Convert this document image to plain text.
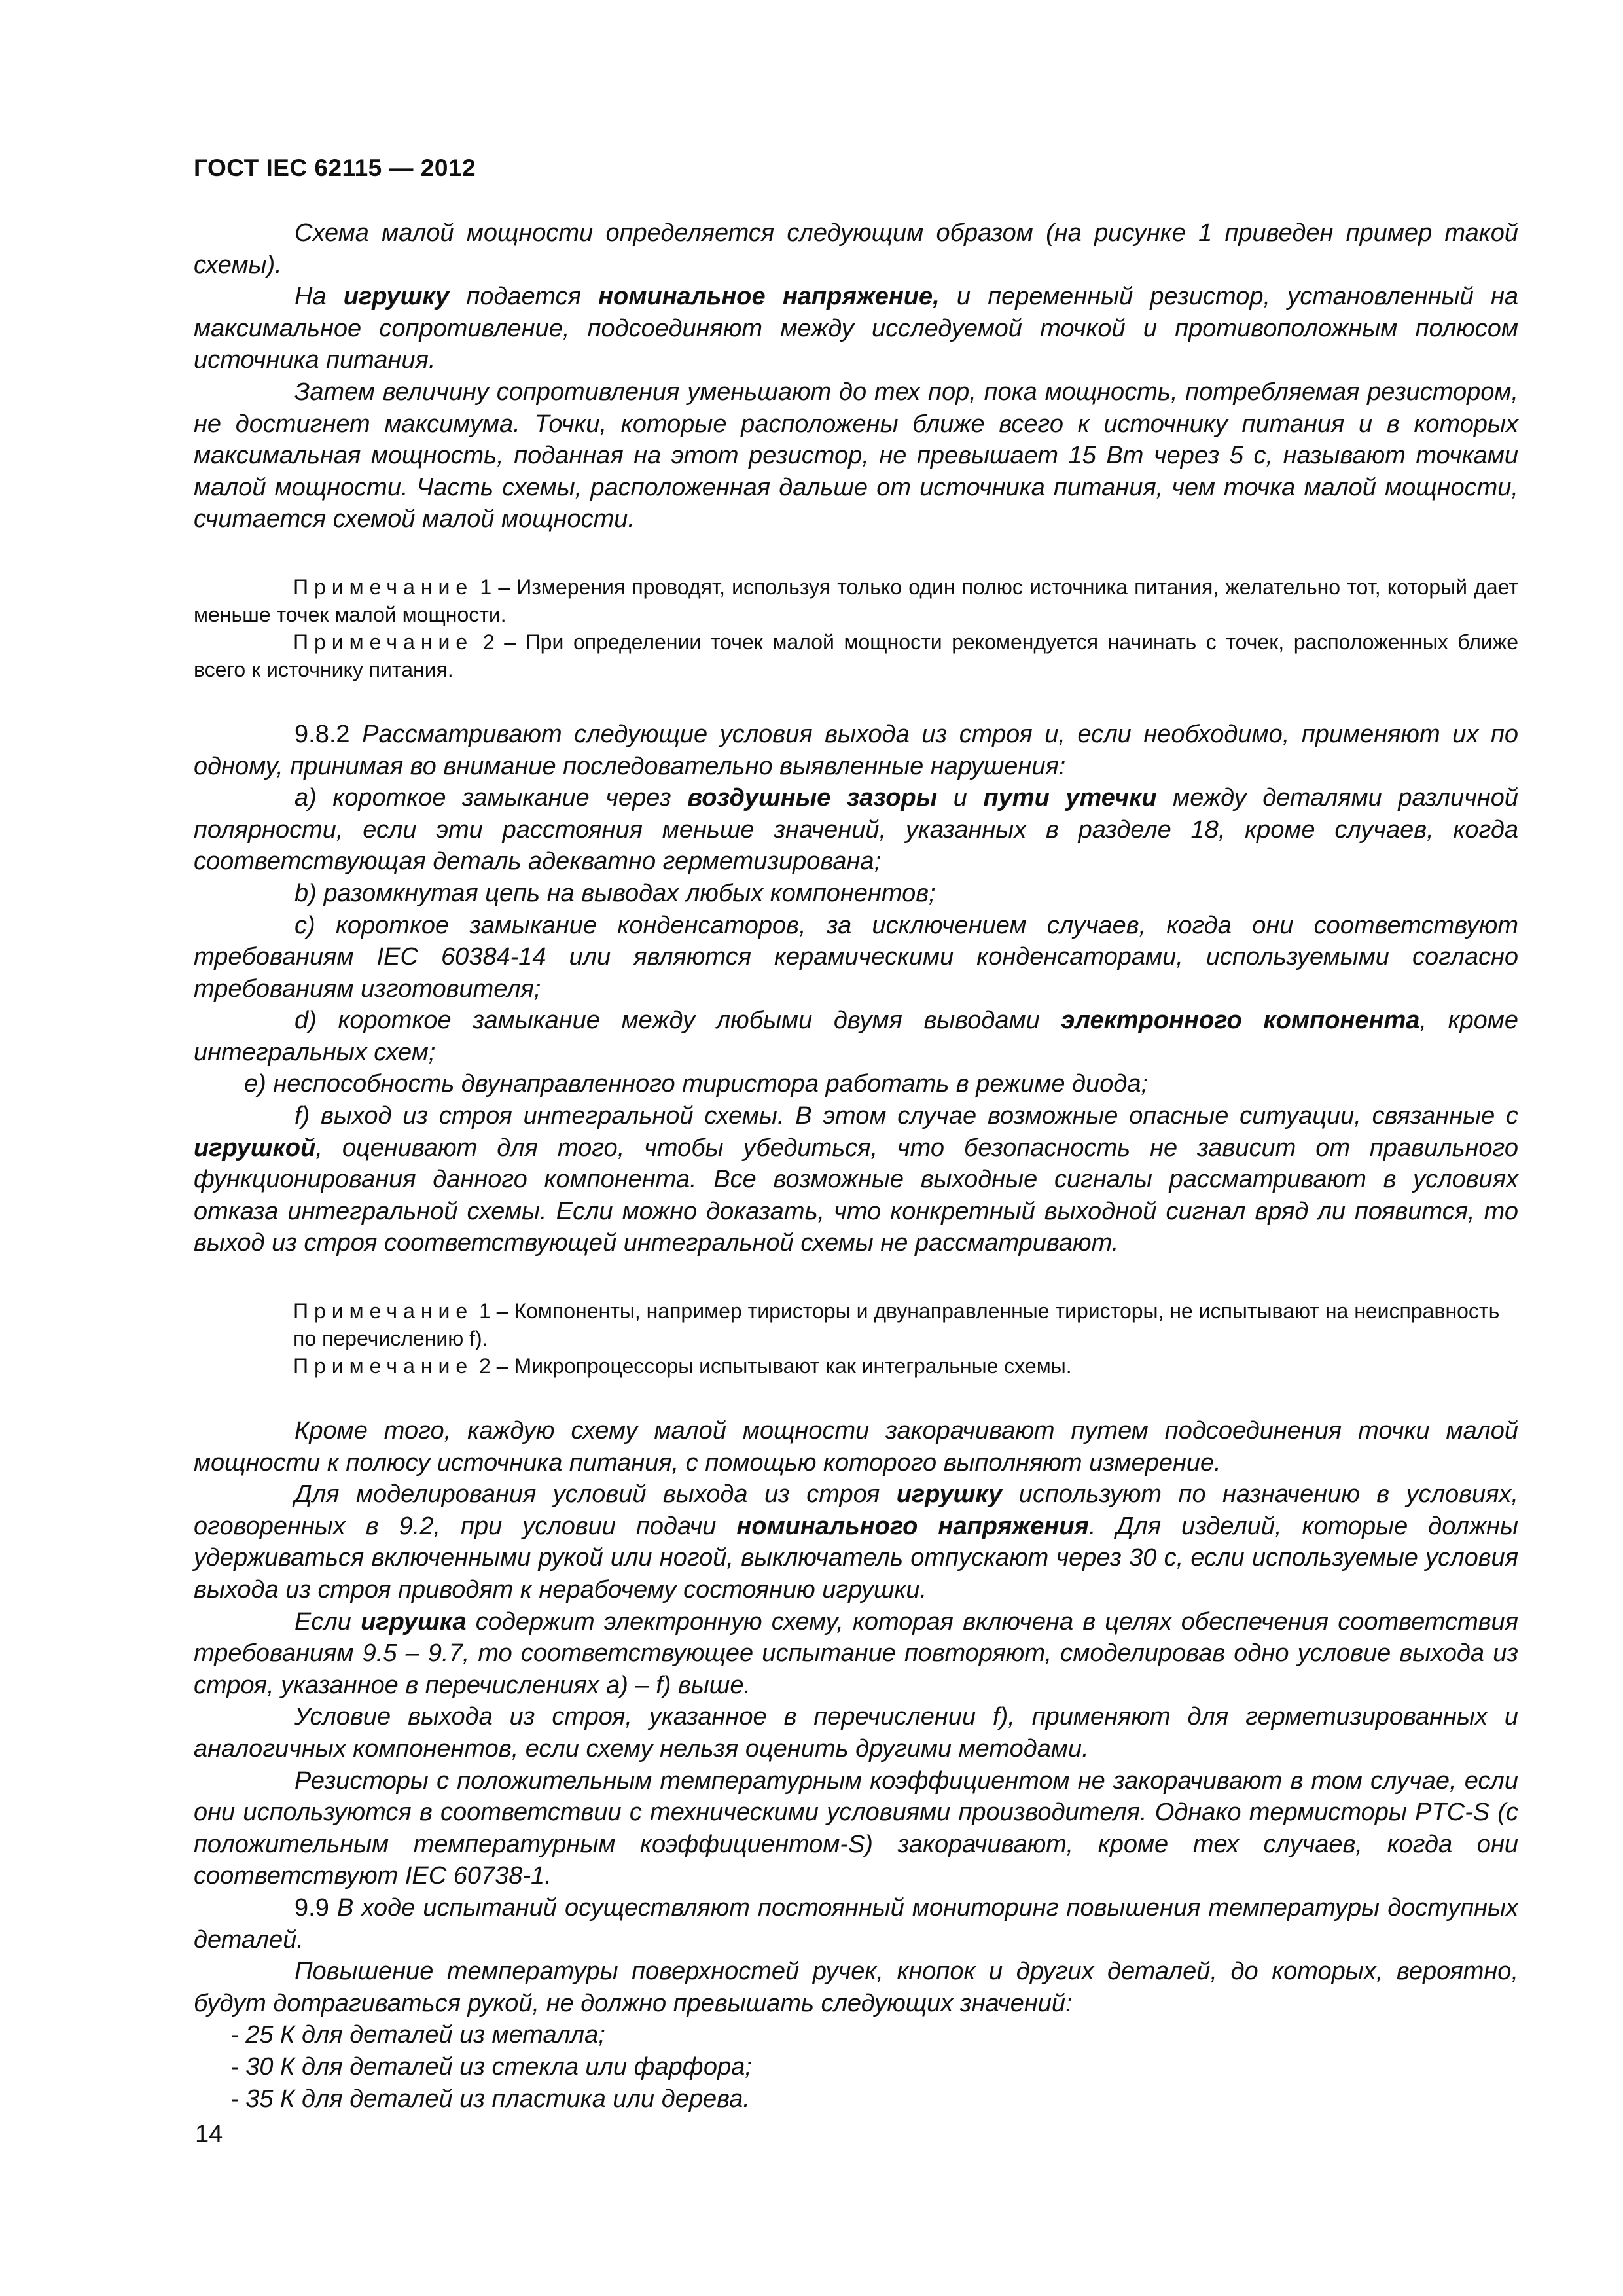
ГОСТ IEC 62115 — 2012

Схема малой мощности определяется следующим образом (на рисунке 1 приведен пример такой схемы).

На игрушку подается номинальное напряжение, и переменный резистор, установленный на максимальное сопротивление, подсоединяют между исследуемой точкой и противоположным полюсом источника питания.

Затем величину сопротивления уменьшают до тех пор, пока мощность, потребляемая резистором, не достигнет максимума. Точки, которые расположены ближе всего к источнику питания и в которых максимальная мощность, поданная на этот резистор, не превышает 15 Вт через 5 с, называют точками малой мощности. Часть схемы, расположенная дальше от источника питания, чем точка малой мощности, считается схемой малой мощности.

Примечание 1 – Измерения проводят, используя только один полюс источника питания, желательно тот, который дает меньше точек малой мощности.

Примечание 2 – При определении точек малой мощности рекомендуется начинать с точек, расположенных ближе всего к источнику питания.

9.8.2 Рассматривают следующие условия выхода из строя и, если необходимо, применяют их по одному, принимая во внимание последовательно выявленные нарушения:

a) короткое замыкание через воздушные зазоры и пути утечки между деталями различной полярности, если эти расстояния меньше значений, указанных в разделе 18, кроме случаев, когда соответствующая деталь адекватно герметизирована;

b) разомкнутая цепь на выводах любых компонентов;

c) короткое замыкание конденсаторов, за исключением случаев, когда они соответствуют требованиям IEC 60384-14 или являются керамическими конденсаторами, используемыми согласно требованиям изготовителя;

d) короткое замыкание между любыми двумя выводами электронного компонента, кроме интегральных схем;

e) неспособность двунаправленного тиристора работать в режиме диода;

f) выход из строя интегральной схемы. В этом случае возможные опасные ситуации, связанные с игрушкой, оценивают для того, чтобы убедиться, что безопасность не зависит от правильного функционирования данного компонента. Все возможные выходные сигналы рассматривают в условиях отказа интегральной схемы. Если можно доказать, что конкретный выходной сигнал вряд ли появится, то выход из строя соответствующей интегральной схемы не рассматривают.

Примечание 1 – Компоненты, например тиристоры и двунаправленные тиристоры, не испытывают на неисправность по перечислению f).

Примечание 2 – Микропроцессоры испытывают как интегральные схемы.

Кроме того, каждую схему малой мощности закорачивают путем подсоединения точки малой мощности к полюсу источника питания, с помощью которого выполняют измерение.

Для моделирования условий выхода из строя игрушку используют по назначению в условиях, оговоренных в 9.2, при условии подачи номинального напряжения. Для изделий, которые должны удерживаться включенными рукой или ногой, выключатель отпускают через 30 с, если используемые условия выхода из строя приводят к нерабочему состоянию игрушки.

Если игрушка содержит электронную схему, которая включена в целях обеспечения соответствия требованиям 9.5 – 9.7, то соответствующее испытание повторяют, смоделировав одно условие выхода из строя, указанное в перечислениях a) – f) выше.

Условие выхода из строя, указанное в перечислении f), применяют для герметизированных и аналогичных компонентов, если схему нельзя оценить другими методами.

Резисторы с положительным температурным коэффициентом не закорачивают в том случае, если они используются в соответствии с техническими условиями производителя. Однако термисторы PTC-S (с положительным температурным коэффициентом-S) закорачивают, кроме тех случаев, когда они соответствуют IEC 60738-1.

9.9 В ходе испытаний осуществляют постоянный мониторинг повышения температуры доступных деталей.

Повышение температуры поверхностей ручек, кнопок и других деталей, до которых, вероятно, будут дотрагиваться рукой, не должно превышать следующих значений:

- 25 К для деталей из металла;

- 30 К для деталей из стекла или фарфора;

- 35 К для деталей из пластика или дерева.

14
